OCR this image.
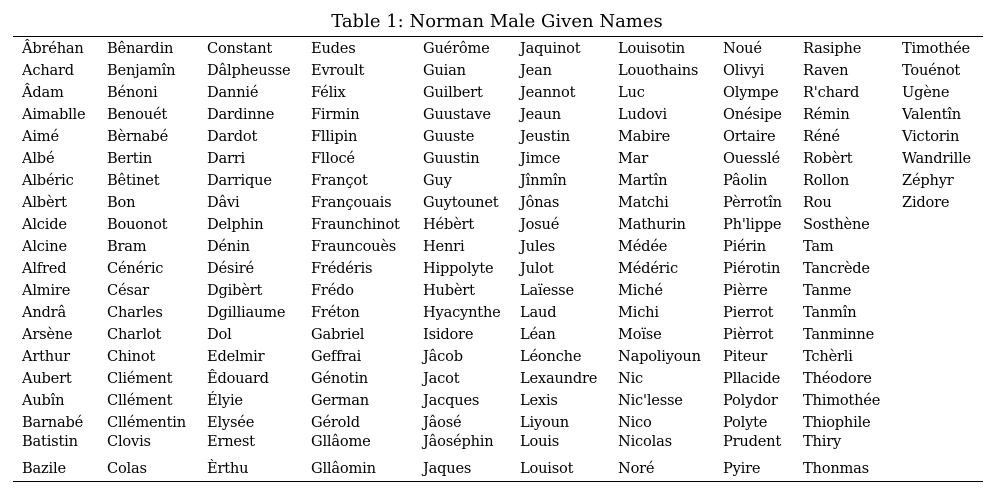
Table 1: Norman Male Given Names
Âbréhan
Achard
Âdam
Aimablle
Aimé
Albé
Albéric
Albèrt
Alcide
Alcine
Alfred
Almire
Andrâ
Arsène
Arthur
Aubert
Aubîn
Barnabé
Batistin
Bazile
Bênardin
Benjamîn
Bénoni
Benouét
Bèrnabé
Bertin
Bêtinet
Bon
Bouonot
Bram
Cénéric
César
Charles
Charlot
Chinot
Cliément
Cllément
Cllémentin
Clovis
Colas
Constant
Dâlpheusse
Dannié
Dardinne
Dardot
Darri
Darrique
Dâvi
Delphin
Dénin
Désiré
Dgibèrt
Dgilliaume
Dol
Edelmir
Êdouard
Élyie
Elysée
Ernest
Èrthu
Eudes
Evroult
Félix
Firmin
Fllipin
Fllocé
Françot
Françouais
Fraunchinot
Frauncouès
Frédéris
Frédo
Fréton
Gabriel
Geffrai
Génotin
German
Gérold
Gllâome
Gllâomin
Guérôme
Guian
Guilbert
Guustave
Guuste
Guustin
Guy
Guytounet
Hébèrt
Henri
Hippolyte
Hubèrt
Hyacynthe
Isidore
Jâcob
Jacot
Jacques
Jâosé
Jâoséphin
Jaques
Jaquinot
Jean
Jeannot
Jeaun
Jeustin
Jimce
Jînmîn
Jônas
Josué
Jules
Julot
Laïesse
Laud
Léan
Léonche
Lexaundre
Lexis
Liyoun
Louis
Louisot
Louisotin
Louothains
Luc
Ludovi
Mabire
Mar
Martîn
Matchi
Mathurin
Médée
Médéric
Miché
Michi
Moïse
Napoliyoun
Nic
Nic'lesse
Nico
Nicolas
Noré
Noué
Olivyi
Olympe
Onésipe
Ortaire
Ouesslé
Pâolin
Pèrrotîn
Ph'lippe
Piérin
Piérotin
Pièrre
Pierrot
Pièrrot
Piteur
Pllacide
Polydor
Polyte
Prudent
Pyire
Rasiphe
Raven
R'chard
Rémin
Réné
Robèrt
Rollon
Rou
Sosthène
Tam
Tancrède
Tanme
Tanmîn
Tanminne
Tchèrli
Théodore
Thimothée
Thiophile
Thiry
Thonmas
Timothée
Touénot
Ugène
Valentîn
Victorin
Wandrille
Zéphyr
Zidore
